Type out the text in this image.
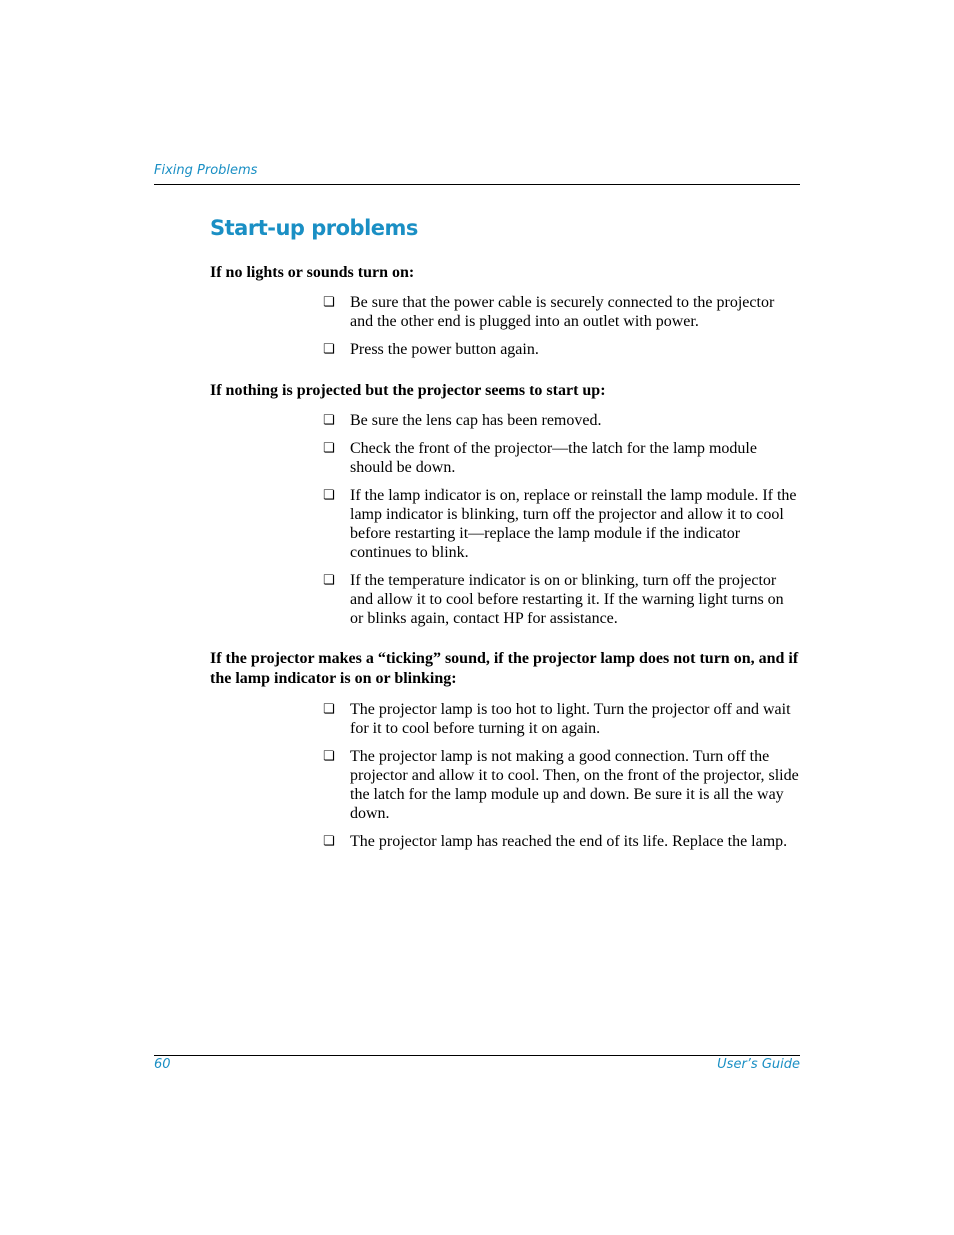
Fixing Problems
Start-up problems

If no lights or sounds turn on:

❏
Be sure that the power cable is securely connected to the projector and the other end is plugged into an outlet with power.
❏
Press the power button again.

If nothing is projected but the projector seems to start up:

❏
Be sure the lens cap has been removed.
❏
Check the front of the projector—the latch for the lamp module should be down.
❏
If the lamp indicator is on, replace or reinstall the lamp module. If the lamp indicator is blinking, turn off the projector and allow it to cool before restarting it—replace the lamp module if the indicator continues to blink.
❏
If the temperature indicator is on or blinking, turn off the projector and allow it to cool before restarting it. If the warning light turns on or blinks again, contact HP for assistance.

If the projector makes a “ticking” sound, if the projector lamp does not turn on, and if the lamp indicator is on or blinking:

❏
The projector lamp is too hot to light. Turn the projector off and wait for it to cool before turning it on again.
❏
The projector lamp is not making a good connection. Turn off the projector and allow it to cool. Then, on the front of the projector, slide the latch for the lamp module up and down. Be sure it is all the way down.
❏
The projector lamp has reached the end of its life. Replace the lamp.
60	User’s Guide
